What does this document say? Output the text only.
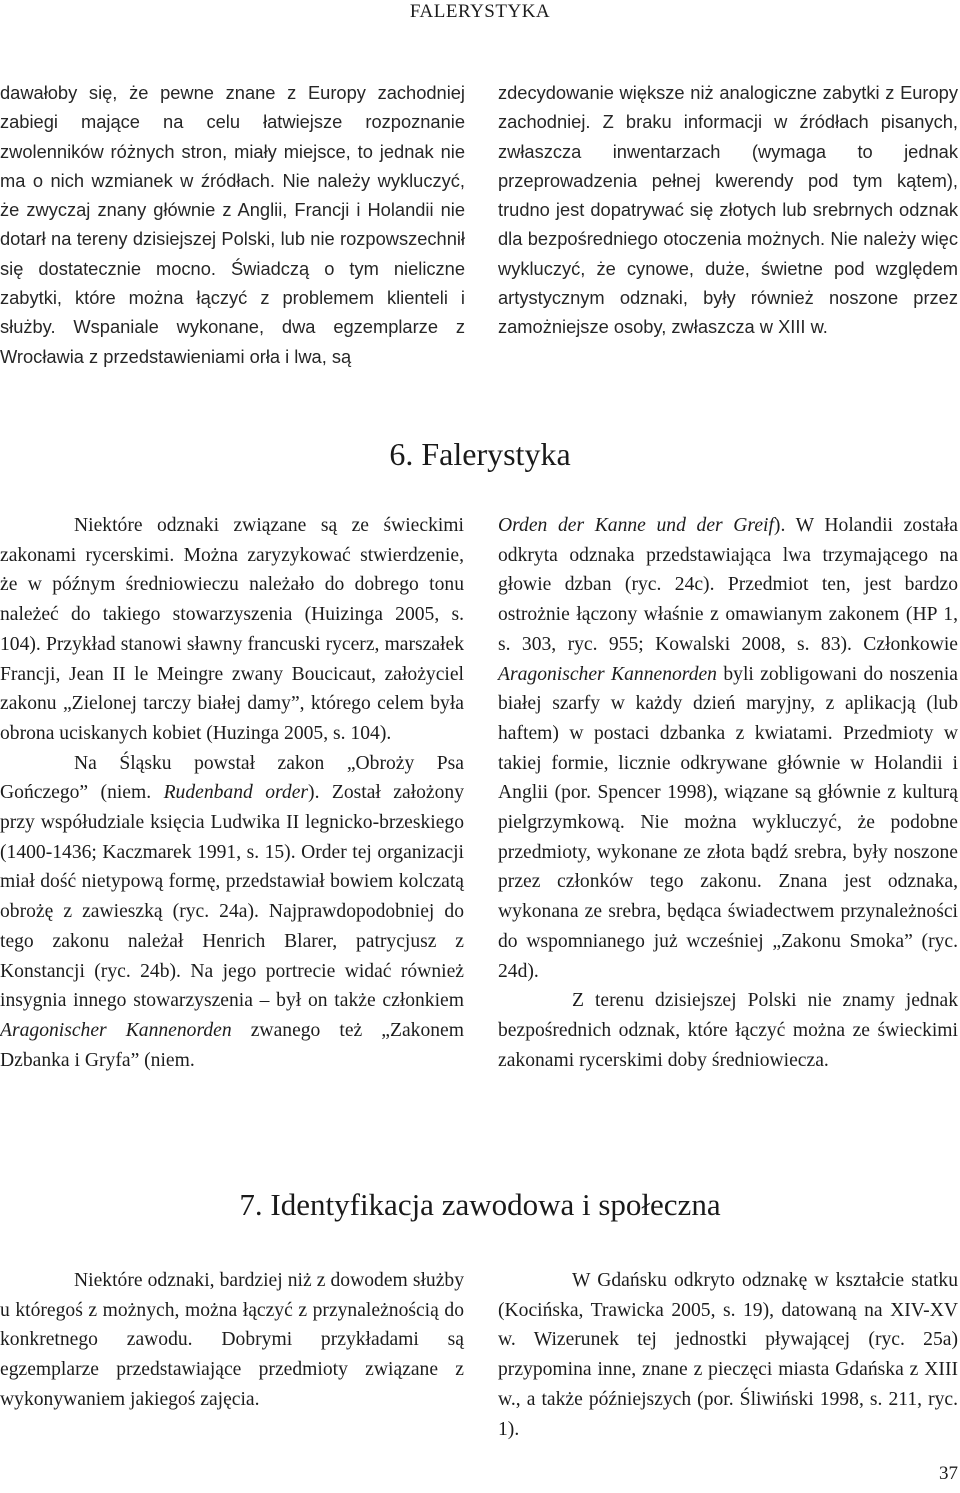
FALERYSTYKA

dawałoby się, że pewne znane z Europy zachodniej zabiegi mające na celu łatwiejsze rozpoznanie zwolenników różnych stron, miały miejsce, to jednak nie ma o nich wzmianek w źródłach. Nie należy wykluczyć, że zwyczaj znany głównie z Anglii, Francji i Holandii nie dotarł na tereny dzisiejszej Polski, lub nie rozpowszechnił się dostatecznie mocno. Świadczą o tym nieliczne zabytki, które można łączyć z problemem klienteli i służby. Wspaniale wykonane, dwa egzemplarze z Wrocławia z przedstawieniami orła i lwa, są

zdecydowanie większe niż analogiczne zabytki z Europy zachodniej. Z braku informacji w źródłach pisanych, zwłaszcza inwentarzach (wymaga to jednak przeprowadzenia pełnej kwerendy pod tym kątem), trudno jest dopatrywać się złotych lub srebrnych odznak dla bezpośredniego otoczenia możnych. Nie należy więc wykluczyć, że cynowe, duże, świetne pod względem artystycznym odznaki, były również noszone przez zamożniejsze osoby, zwłaszcza w XIII w.

6. Falerystyka

Niektóre odznaki związane są ze świeckimi zakonami rycerskimi. Można zaryzykować stwierdzenie, że w późnym średniowieczu należało do dobrego tonu należeć do takiego stowarzyszenia (Huizinga 2005, s. 104). Przykład stanowi sławny francuski rycerz, marszałek Francji, Jean II le Meingre zwany Boucicaut, założyciel zakonu „Zielonej tarczy białej damy”, którego celem była obrona uciskanych kobiet (Huzinga 2005, s. 104).

Na Śląsku powstał zakon „Obroży Psa Gończego” (niem. Rudenband order). Został założony przy współudziale księcia Ludwika II legnicko-brzeskiego (1400-1436; Kaczmarek 1991, s. 15). Order tej organizacji miał dość nietypową formę, przedstawiał bowiem kolczatą obrożę z zawieszką (ryc. 24a). Najprawdopodobniej do tego zakonu należał Henrich Blarer, patrycjusz z Konstancji (ryc. 24b). Na jego portrecie widać również insygnia innego stowarzyszenia – był on także członkiem Aragonischer Kannenorden zwanego też „Zakonem Dzbanka i Gryfa” (niem.

Orden der Kanne und der Greif). W Holandii została odkryta odznaka przedstawiająca lwa trzymającego na głowie dzban (ryc. 24c). Przedmiot ten, jest bardzo ostrożnie łączony właśnie z omawianym zakonem (HP 1, s. 303, ryc. 955; Kowalski 2008, s. 83). Członkowie Aragonischer Kannenorden byli zobligowani do noszenia białej szarfy w każdy dzień maryjny, z aplikacją (lub haftem) w postaci dzbanka z kwiatami. Przedmioty w takiej formie, licznie odkrywane głównie w Holandii i Anglii (por. Spencer 1998), wiązane są głównie z kulturą pielgrzymkową. Nie można wykluczyć, że podobne przedmioty, wykonane ze złota bądź srebra, były noszone przez członków tego zakonu. Znana jest odznaka, wykonana ze srebra, będąca świadectwem przynależności do wspomnianego już wcześniej „Zakonu Smoka” (ryc. 24d).

Z terenu dzisiejszej Polski nie znamy jednak bezpośrednich odznak, które łączyć można ze świeckimi zakonami rycerskimi doby średniowiecza.

7. Identyfikacja zawodowa i społeczna

Niektóre odznaki, bardziej niż z dowodem służby u któregoś z możnych, można łączyć z przynależnością do konkretnego zawodu. Dobrymi przykładami są egzemplarze przedstawiające przedmioty związane z wykonywaniem jakiegoś zajęcia.

W Gdańsku odkryto odznakę w kształcie statku (Kocińska, Trawicka 2005, s. 19), datowaną na XIV-XV w. Wizerunek tej jednostki pływającej (ryc. 25a) przypomina inne, znane z pieczęci miasta Gdańska z XIII w., a także późniejszych (por. Śliwiński 1998, s. 211, ryc. 1).

37
